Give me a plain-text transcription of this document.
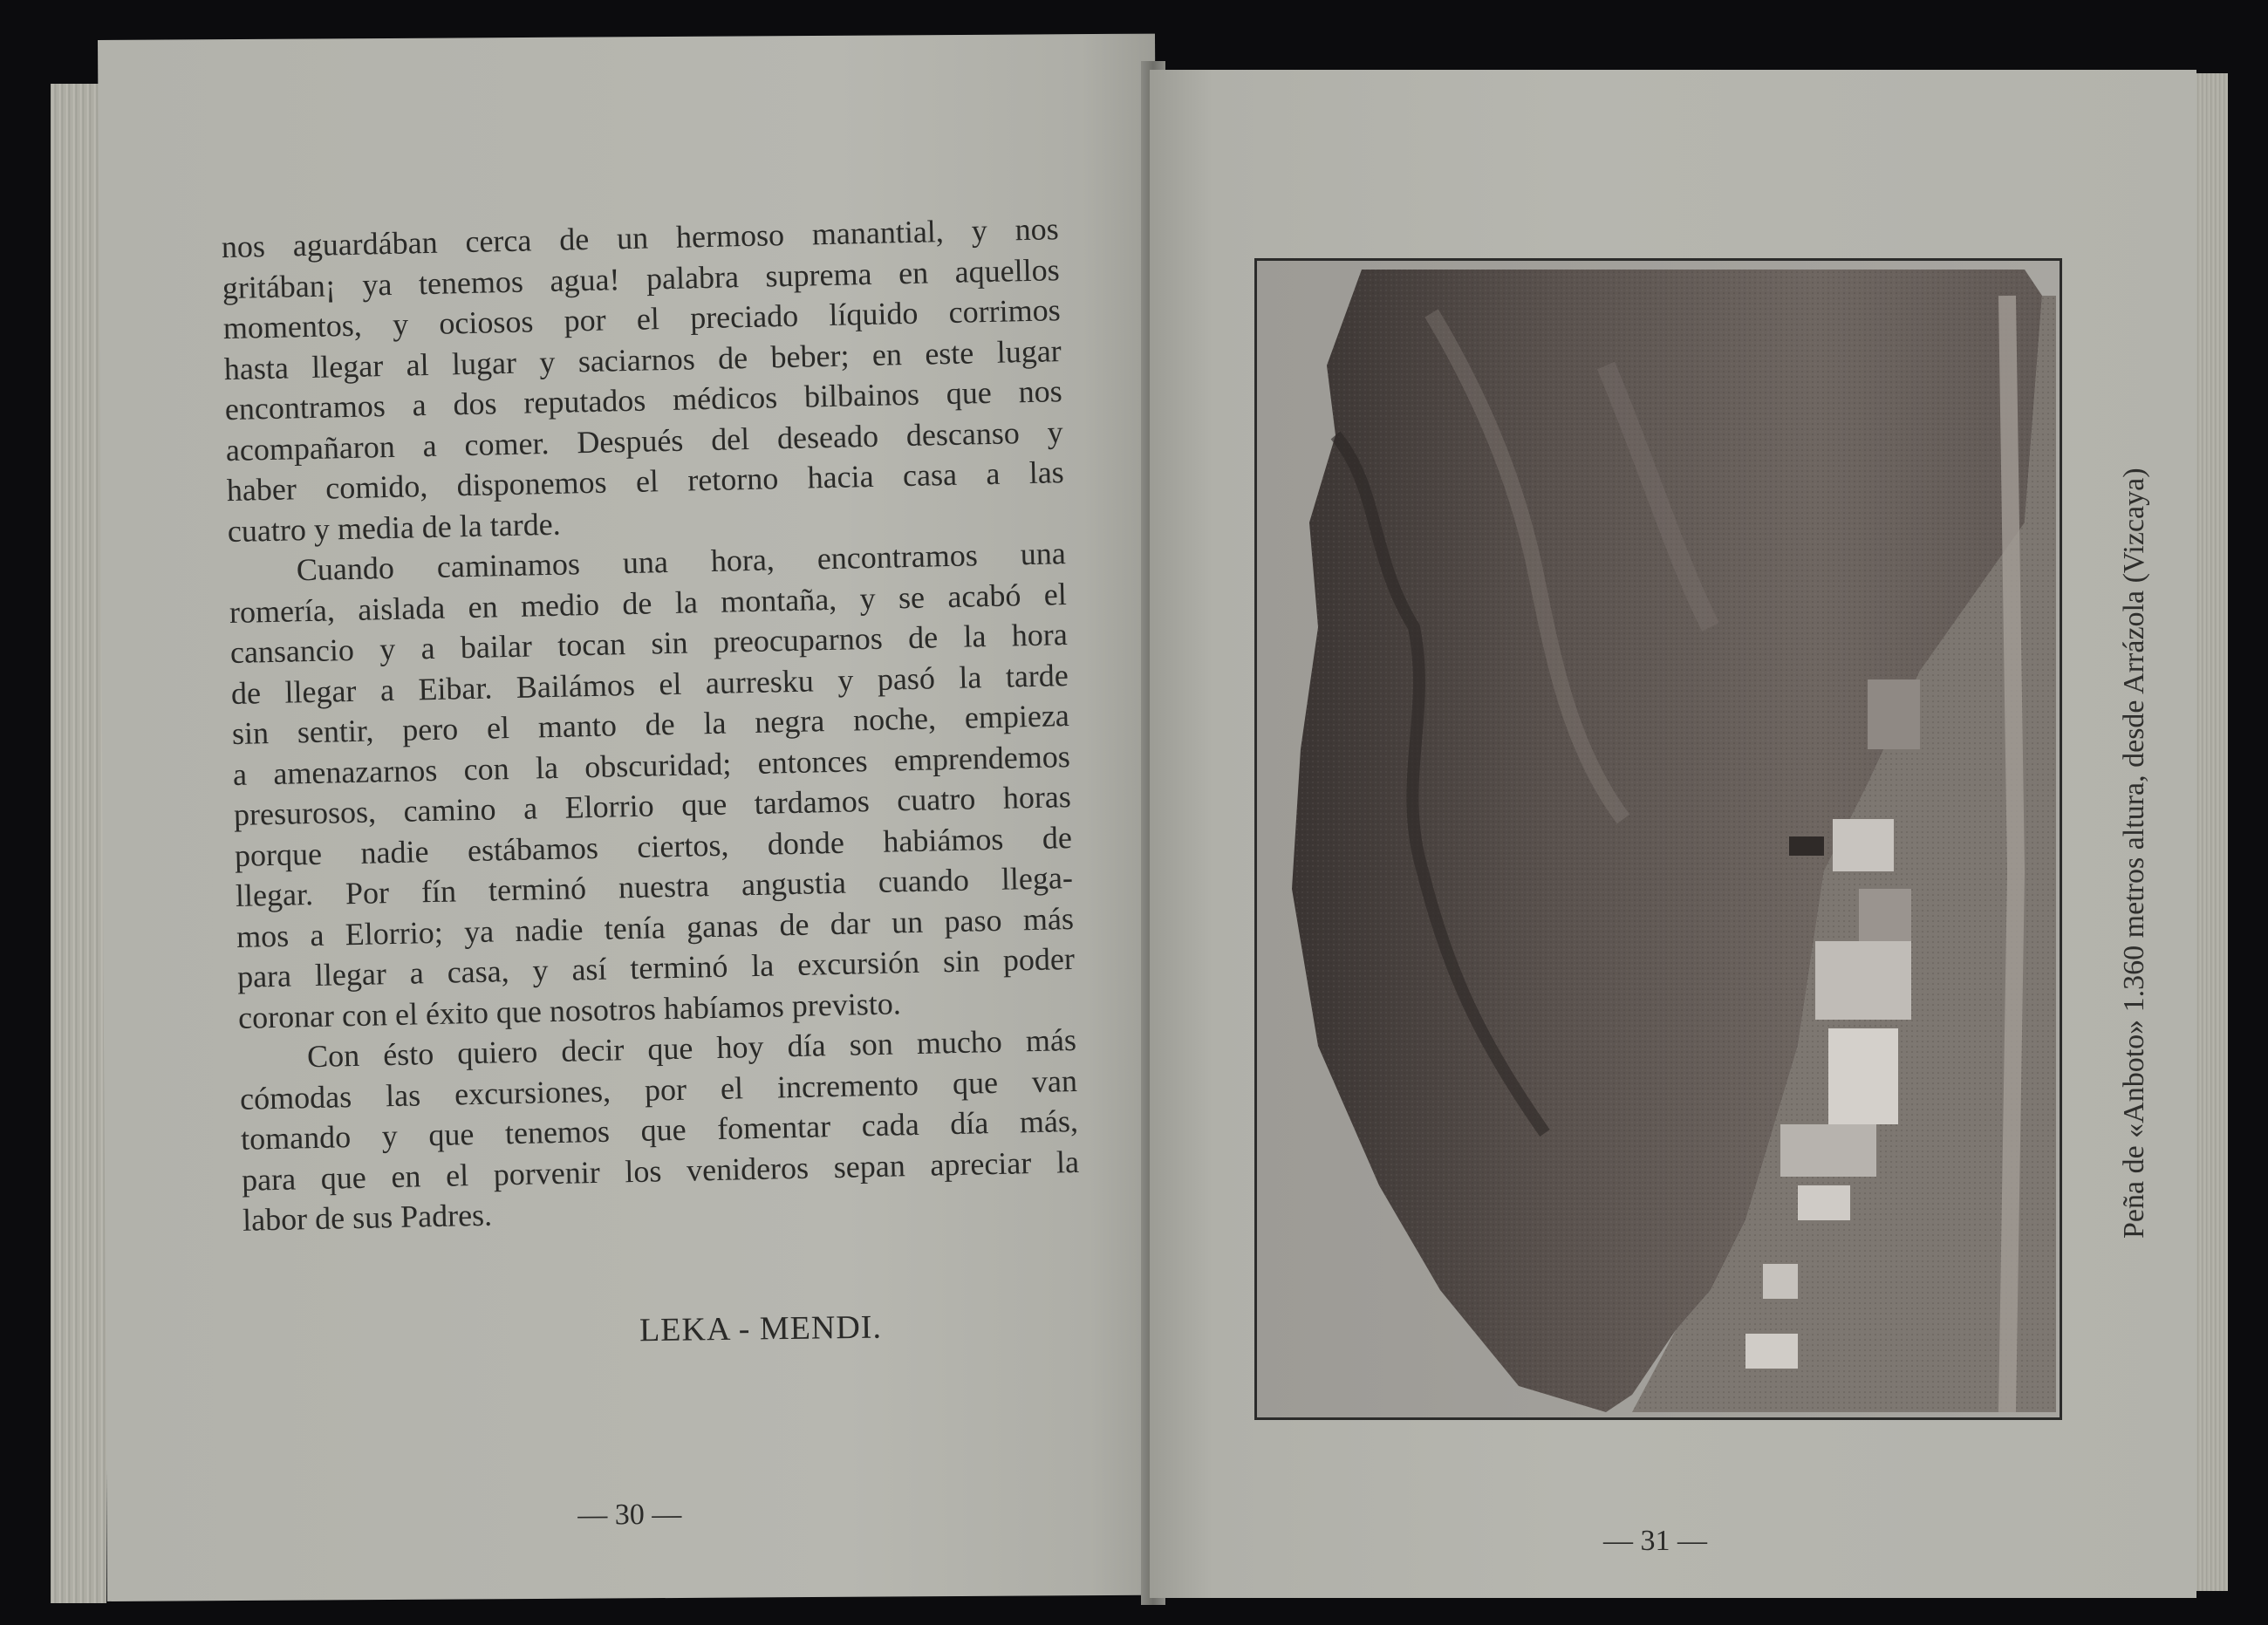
nos aguardában cerca de un hermoso manantial, y nos

gritában¡ ya tenemos agua! palabra suprema en aquellos

momentos, y ociosos por el preciado líquido corrimos

hasta llegar al lugar y saciarnos de beber; en este lugar

encontramos a dos reputados médicos bilbainos que nos

acompañaron a comer. Después del deseado descanso y

haber comido, disponemos el retorno hacia casa a las

cuatro y media de la tarde.

Cuando caminamos una hora, encontramos una

romería, aislada en medio de la montaña, y se acabó el

cansancio y a bailar tocan sin preocuparnos de la hora

de llegar a Eibar. Bailámos el aurresku y pasó la tarde

sin sentir, pero el manto de la negra noche, empieza

a amenazarnos con la obscuridad; entonces emprendemos

presurosos, camino a Elorrio que tardamos cuatro horas

porque nadie estábamos ciertos, donde habiámos de

llegar. Por fín terminó nuestra angustia cuando llega-

mos a Elorrio; ya nadie tenía ganas de dar un paso más

para llegar a casa, y así terminó la excursión sin poder

coronar con el éxito que nosotros habíamos previsto.

Con ésto quiero decir que hoy día son mucho más

cómodas las excursiones, por el incremento que van

tomando y que tenemos que fomentar cada día más,

para que en el porvenir los venideros sepan apreciar la

labor de sus Padres.

LEKA - MENDI.
— 30 —
Peña de «Anboto» 1.360 metros altura, desde Arrázola (Vizcaya)
— 31 —
